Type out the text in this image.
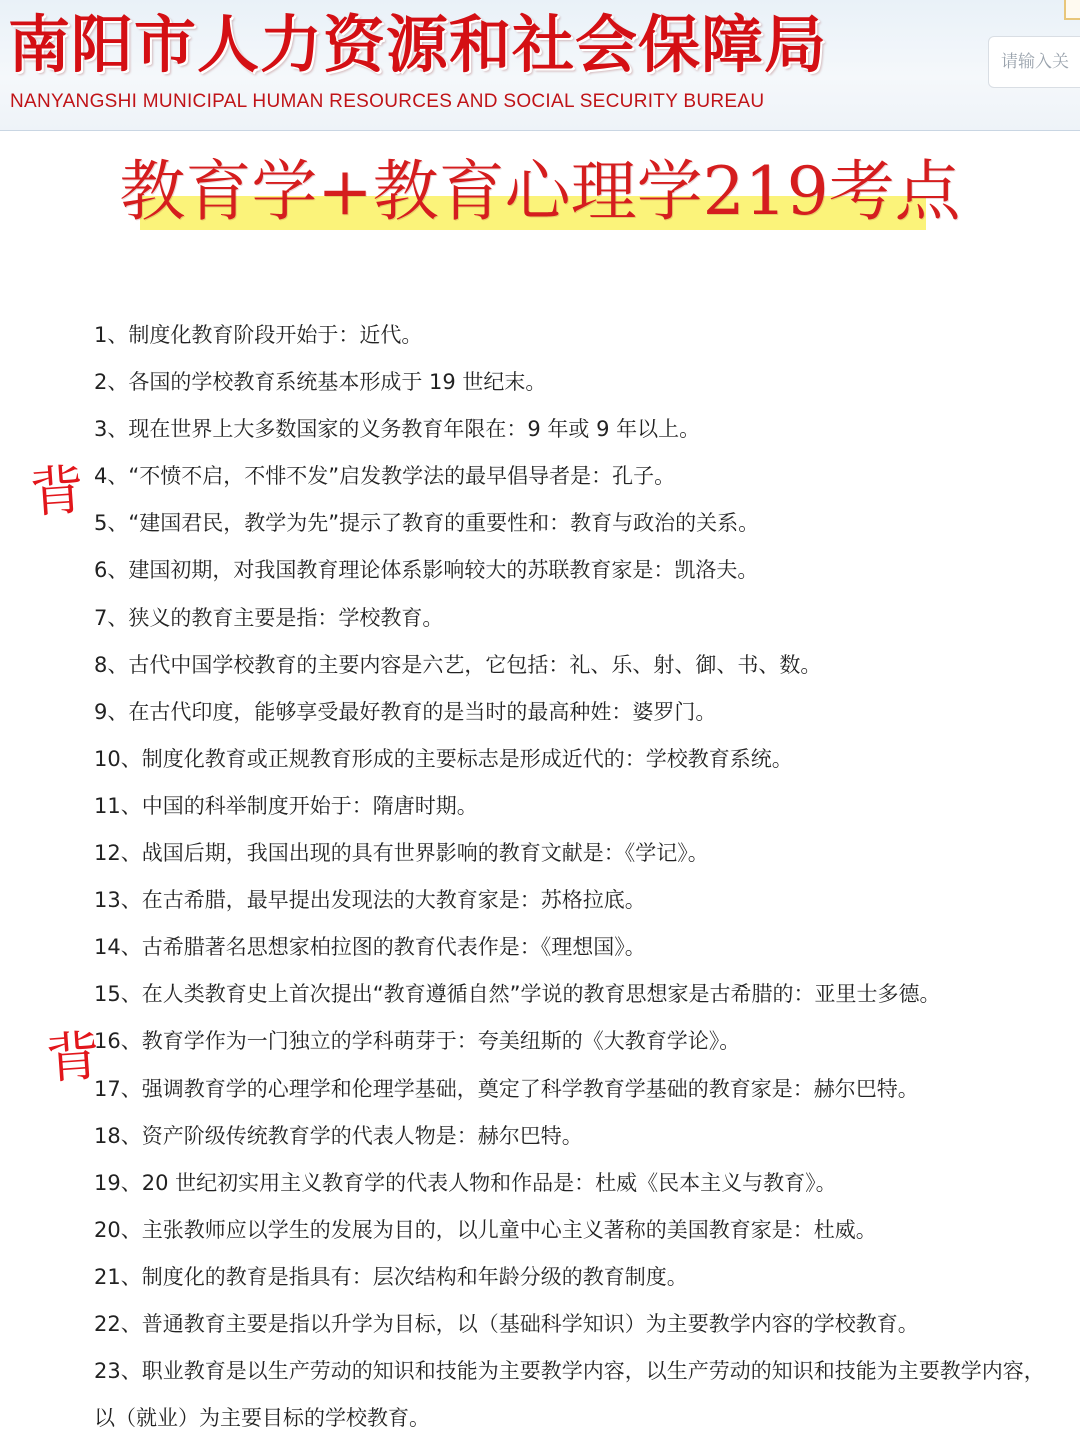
南阳市人力资源和社会保障局
NANYANGSHI MUNICIPAL HUMAN RESOURCES AND SOCIAL SECURITY BUREAU
请输入关
教育学+教育心理学219考点
1、制度化教育阶段开始于：近代。
2、各国的学校教育系统基本形成于 19 世纪末。
3、现在世界上大多数国家的义务教育年限在：9 年或 9 年以上。
4、“不愤不启，不悱不发”启发教学法的最早倡导者是：孔子。
5、“建国君民，教学为先”提示了教育的重要性和：教育与政治的关系。
6、建国初期，对我国教育理论体系影响较大的苏联教育家是：凯洛夫。
7、狭义的教育主要是指：学校教育。
8、古代中国学校教育的主要内容是六艺，它包括：礼、乐、射、御、书、数。
9、在古代印度，能够享受最好教育的是当时的最高种姓：婆罗门。
10、制度化教育或正规教育形成的主要标志是形成近代的：学校教育系统。
11、中国的科举制度开始于：隋唐时期。
12、战国后期，我国出现的具有世界影响的教育文献是：《学记》。
13、在古希腊，最早提出发现法的大教育家是：苏格拉底。
14、古希腊著名思想家柏拉图的教育代表作是：《理想国》。
15、在人类教育史上首次提出“教育遵循自然”学说的教育思想家是古希腊的：亚里士多德。
16、教育学作为一门独立的学科萌芽于：夸美纽斯的《大教育学论》。
17、强调教育学的心理学和伦理学基础，奠定了科学教育学基础的教育家是：赫尔巴特。
18、资产阶级传统教育学的代表人物是：赫尔巴特。
19、20 世纪初实用主义教育学的代表人物和作品是：杜威《民本主义与教育》。
20、主张教师应以学生的发展为目的，以儿童中心主义著称的美国教育家是：杜威。
21、制度化的教育是指具有：层次结构和年龄分级的教育制度。
22、普通教育主要是指以升学为目标，以（基础科学知识）为主要教学内容的学校教育。
23、职业教育是以生产劳动的知识和技能为主要教学内容，以生产劳动的知识和技能为主要教学内容， 以（就业）为主要目标的学校教育。
背
背
